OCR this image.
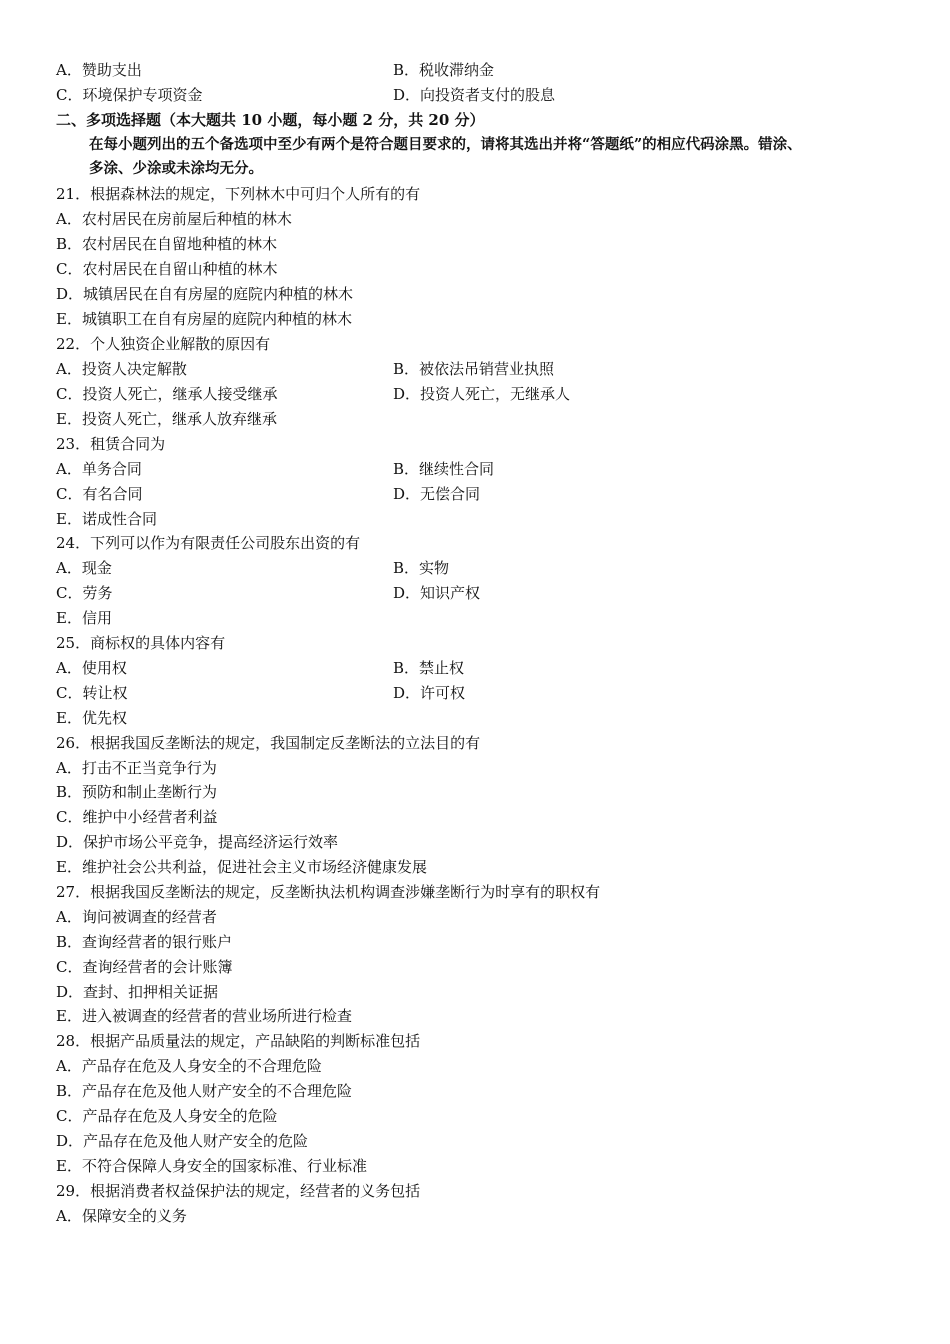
A．赞助支出	B．税收滞纳金
C．环境保护专项资金	D．向投资者支付的股息
二、多项选择题（本大题共 10 小题，每小题 2 分，共 20 分）
在每小题列出的五个备选项中至少有两个是符合题目要求的，请将其选出并将“答题纸”的相应代码涂黑。错涂、
多涂、少涂或未涂均无分。
21．根据森林法的规定，下列林木中可归个人所有的有
A．农村居民在房前屋后种植的林木
B．农村居民在自留地种植的林木
C．农村居民在自留山种植的林木
D．城镇居民在自有房屋的庭院内种植的林木
E．城镇职工在自有房屋的庭院内种植的林木
22．个人独资企业解散的原因有
A．投资人决定解散	B．被依法吊销营业执照
C．投资人死亡，继承人接受继承	D．投资人死亡，无继承人
E．投资人死亡，继承人放弃继承
23．租赁合同为
A．单务合同	B．继续性合同
C．有名合同	D．无偿合同
E．诺成性合同
24．下列可以作为有限责任公司股东出资的有
A．现金	B．实物
C．劳务	D．知识产权
E．信用
25．商标权的具体内容有
A．使用权	B．禁止权
C．转让权	D．许可权
E．优先权
26．根据我国反垄断法的规定，我国制定反垄断法的立法目的有
A．打击不正当竞争行为
B．预防和制止垄断行为
C．维护中小经营者利益
D．保护市场公平竞争，提高经济运行效率
E．维护社会公共利益，促进社会主义市场经济健康发展
27．根据我国反垄断法的规定，反垄断执法机构调查涉嫌垄断行为时享有的职权有
A．询问被调查的经营者
B．查询经营者的银行账户
C．查询经营者的会计账簿
D．查封、扣押相关证据
E．进入被调查的经营者的营业场所进行检查
28．根据产品质量法的规定，产品缺陷的判断标准包括
A．产品存在危及人身安全的不合理危险
B．产品存在危及他人财产安全的不合理危险
C．产品存在危及人身安全的危险
D．产品存在危及他人财产安全的危险
E．不符合保障人身安全的国家标准、行业标准
29．根据消费者权益保护法的规定，经营者的义务包括
A．保障安全的义务
